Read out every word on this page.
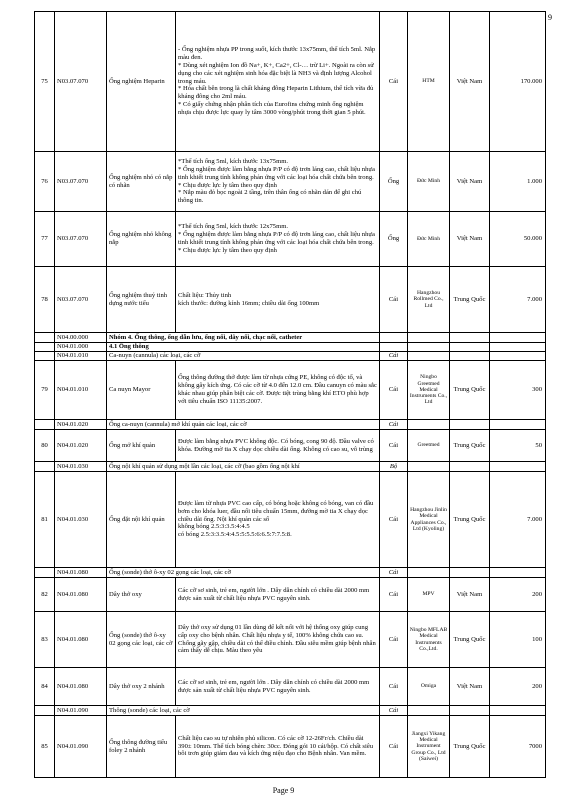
9
75	N03.07.070	Ống nghiệm Heparin	- Ống nghiệm nhựa PP trong suốt, kích thước 13x75mm, thể tích 5ml. Nắp màu đen.
* Dùng xét nghiệm Ion đồ Na+, K+, Ca2+, Cl-… trừ Li+. Ngoài ra còn sử dụng cho các xét nghiệm sinh hóa đặc biệt là NH3 và định lượng Alcohol trong máu.
* Hóa chất bên trong là chất kháng đông Heparin Lithium, thể tích vừa đủ kháng đông cho 2ml máu.
* Có giấy chứng nhận phân tích của Eurofins chứng minh ống nghiệm nhựa chịu được lực quay ly tâm 3000 vòng/phút trong thời gian 5 phút.	Cái	HTM	Việt Nam	170.000
76	N03.07.070	Ống nghiệm nhỏ có nắp có nhãn	*Thể tích ống 5ml, kích thước 13x75mm.
* Ống nghiệm được làm bằng nhựa P/P có độ trơn láng cao, chất liệu nhựa tinh khiết trung tính không phản ứng với các loại hóa chất chứa bên trong.
* Chịu được lực ly tâm theo quy định
* Nắp màu đỏ bọc ngoài 2 tầng, trên thân ống có nhãn dán để ghi chú thông tin.	Ống	Đức Minh	Việt Nam	1.000
77	N03.07.070	Ống nghiệm nhỏ không nắp	*Thể tích ống 5ml, kích thước 12x75mm.
* Ống nghiệm được làm bằng nhựa P/P có độ trơn láng cao, chất liệu nhựa tinh khiết trung tính không phản ứng với các loại hóa chất chứa bên trong.
* Chịu được lực ly tâm theo quy định	Ống	Đức Minh	Việt Nam	50.000
78	N03.07.070	Ống nghiệm thuỷ tinh dựng nước tiểu	Chất liệu: Thủy tinh
kích thước: đường kính 16mm; chiều dài ống 100mm	Cái	Hangzhou Rollmed Co., Ltd	Trung Quốc	7.000
	N04.00.000	Nhóm 4. Ống thông, ống dẫn lưu, ống nối, dây nối, chạc nối, catheter					
	N04.01.000	4.1 Ống thông					
	N04.01.010	Ca-nuyn (cannula) các loại, các cỡ		Cái			
79	N04.01.010	Ca nuyn Mayor	Ống thông đường thở được làm từ nhựa cứng PE, không có độc tố, và không gây kích ứng. Có các cỡ từ 4.0 đến 12.0 cm. Đầu canuyn có màu sắc khác nhau giúp phân biệt các cỡ. Được tiệt trùng bằng khí ETO phù hợp với tiêu chuẩn ISO 11135:2007.	Cái	Ningbo Greetmed Medical Instruments Co., Ltd	Trung Quốc	300
	N04.01.020	Ống ca-nuyn (cannula) mở khí quản các loại, các cỡ		Cái			
80	N04.01.020	Ống mở khí quản	Được làm bằng nhựa PVC không độc. Có bóng, cong 90 độ. Đầu valve có khóa. Đường mờ tia X chạy dọc chiều dài ống. Không có cao su, vô trùng	Cái	Greetmed	Trung Quốc	50
	N04.01.030	Ống nội khí quản sử dụng một lần các loại, các cỡ (bao gồm ống nội khí		Bộ			
81	N04.01.030	Ống đặt nội khí quản	Được làm từ nhựa PVC cao cấp, có bóng hoặc không có bóng, van có đầu bơm cho khóa luer, đầu nối tiêu chuẩn 15mm, đường mờ tia X chạy dọc chiều dài ống. Nội khí quản các số
không bóng 2.5:3:3.5:4:4.5
có bóng 2.5:3:3.5:4:4.5:5:5.5:6:6.5:7:7.5:8.	Cái	Hangzhou Jinlin Medical Appliances Co., Ltd (Kyoling)	Trung Quốc	7.000
	N04.01.080	Ống (sonde) thở ô-xy 02 gọng các loại, các cỡ		Cái			
82	N04.01.080	Dây thở oxy	Các cỡ sơ sinh, trẻ em, người lớn . Dây dẫn chính có chiều dài 2000 mm được sản xuất từ chất liệu nhựa PVC nguyên sinh.	Cái	MPV	Việt Nam	200
83	N04.01.080	Ống (sonde) thở ô-xy 02 gọng các loại, các cỡ	Dây thở oxy sử dụng 01 lần dùng để kết nối với hệ thống oxy giúp cung cấp oxy cho bệnh nhân. Chất liệu nhựa y tế, 100% không chứa cao su. Chống gãy gập, chiều dài có thể điều chỉnh. Đầu siêu mềm giúp bệnh nhân cảm thấy dễ chịu. Màu theo yêu	Cái	Ningbo MFLAB Medical Instruments Co.,Ltd.	Trung Quốc	100
84	N04.01.080	Dây thở oxy 2 nhánh	Các cỡ sơ sinh, trẻ em, người lớn . Dây dẫn chính có chiều dài 2000 mm được sản xuất từ chất liệu nhựa PVC nguyên sinh.	Cái	Omiga	Việt Nam	200
	N04.01.090	Thông (sonde) các loại, các cỡ		Cái			
85	N04.01.090	Ống thông đường tiểu foley 2 nhánh	Chất liệu cao su tự nhiên phủ silicon. Có các cỡ 12-26Fr/ch. Chiều dài 390± 10mm. Thể tích bóng chèn: 30cc. Đóng gói 10 cái/hộp. Có chất siêu bôi trơn giúp giảm đau và kích ứng niệu đạo cho Bệnh nhân. Van mềm.	Cái	Jiangxi Yikang Medical Instrument Group Co., Ltd (Saiwei)	Trung Quốc	7000
Page 9
